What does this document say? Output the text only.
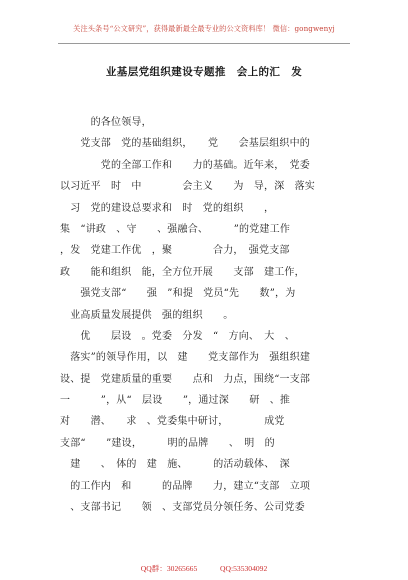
关注头条号“公文研究”，获得最新最全最专业的公文资料库！ 微信：gongwenyj
业基层党组织建设专题推　会上的汇　发
　　　的各位领导，
　　党支部　党的基础组织，　　党　　会基层组织中的
　　　　党的全部工作和　　力的基础。近年来，　党委
以习近平　时　中　　　　会主义　　为　导，深　落实
　习　党的建设总要求和　时　党的组织　　，
集　“讲政　、守　　、强融合、　　　”的党建工作
，发　党建工作优　，聚　　　　合力，　强党支部
政　　能和组织　能，全方位开展　　支部　建工作，
　　强党支部“　　强　”和提　党员“先　　数”，为
　业高质量发展提供　强的组织　　。
　　优　　层设　。党委　分发　“　方向、　大　、
　落实”的领导作用，以　建　　党支部作为　强组织建
设、提　党建质量的重要　　点和　力点，围绕“一支部
一　　　”，从“　层设　　”，通过深　　研　、推
对　　潜、　　求　、党委集中研讨，　　　　成党
支部“　　”建设，　　　明的品牌　　、　明　的
　建　　、　体的　建　施、　　　的活动载体、　深
　的工作内　和　　　的品牌　　力，建立“支部　立项
　、支部书记　　领　、支部党员分领任务、公司党委
QQ群：30265665　　　QQ:535304092
